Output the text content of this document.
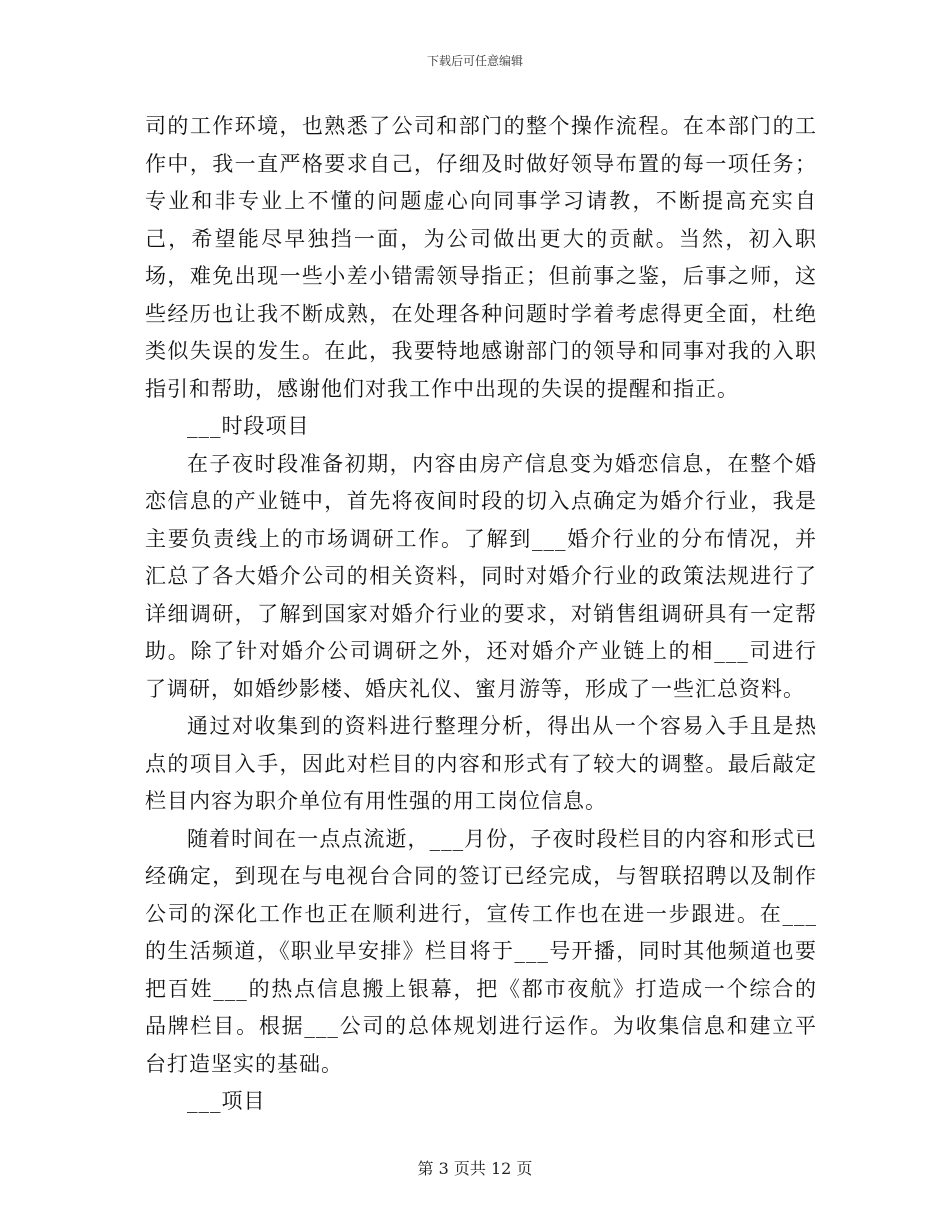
下载后可任意编辑

司的工作环境，也熟悉了公司和部门的整个操作流程。在本部门的工作中，我一直严格要求自己，仔细及时做好领导布置的每一项任务；专业和非专业上不懂的问题虚心向同事学习请教，不断提高充实自己，希望能尽早独挡一面，为公司做出更大的贡献。当然，初入职场，难免出现一些小差小错需领导指正；但前事之鉴，后事之师，这些经历也让我不断成熟，在处理各种问题时学着考虑得更全面，杜绝类似失误的发生。在此，我要特地感谢部门的领导和同事对我的入职指引和帮助，感谢他们对我工作中出现的失误的提醒和指正。

___时段项目

在子夜时段准备初期，内容由房产信息变为婚恋信息，在整个婚恋信息的产业链中，首先将夜间时段的切入点确定为婚介行业，我是主要负责线上的市场调研工作。了解到___婚介行业的分布情况，并汇总了各大婚介公司的相关资料，同时对婚介行业的政策法规进行了详细调研，了解到国家对婚介行业的要求，对销售组调研具有一定帮助。除了针对婚介公司调研之外，还对婚介产业链上的相___司进行了调研，如婚纱影楼、婚庆礼仪、蜜月游等，形成了一些汇总资料。

通过对收集到的资料进行整理分析，得出从一个容易入手且是热点的项目入手，因此对栏目的内容和形式有了较大的调整。最后敲定栏目内容为职介单位有用性强的用工岗位信息。

随着时间在一点点流逝，___月份，子夜时段栏目的内容和形式已经确定，到现在与电视台合同的签订已经完成，与智联招聘以及制作公司的深化工作也正在顺利进行，宣传工作也在进一步跟进。在___的生活频道，《职业早安排》栏目将于___号开播，同时其他频道也要把百姓___的热点信息搬上银幕，把《都市夜航》打造成一个综合的品牌栏目。根据___公司的总体规划进行运作。为收集信息和建立平台打造坚实的基础。

___项目

第 3 页共 12 页
